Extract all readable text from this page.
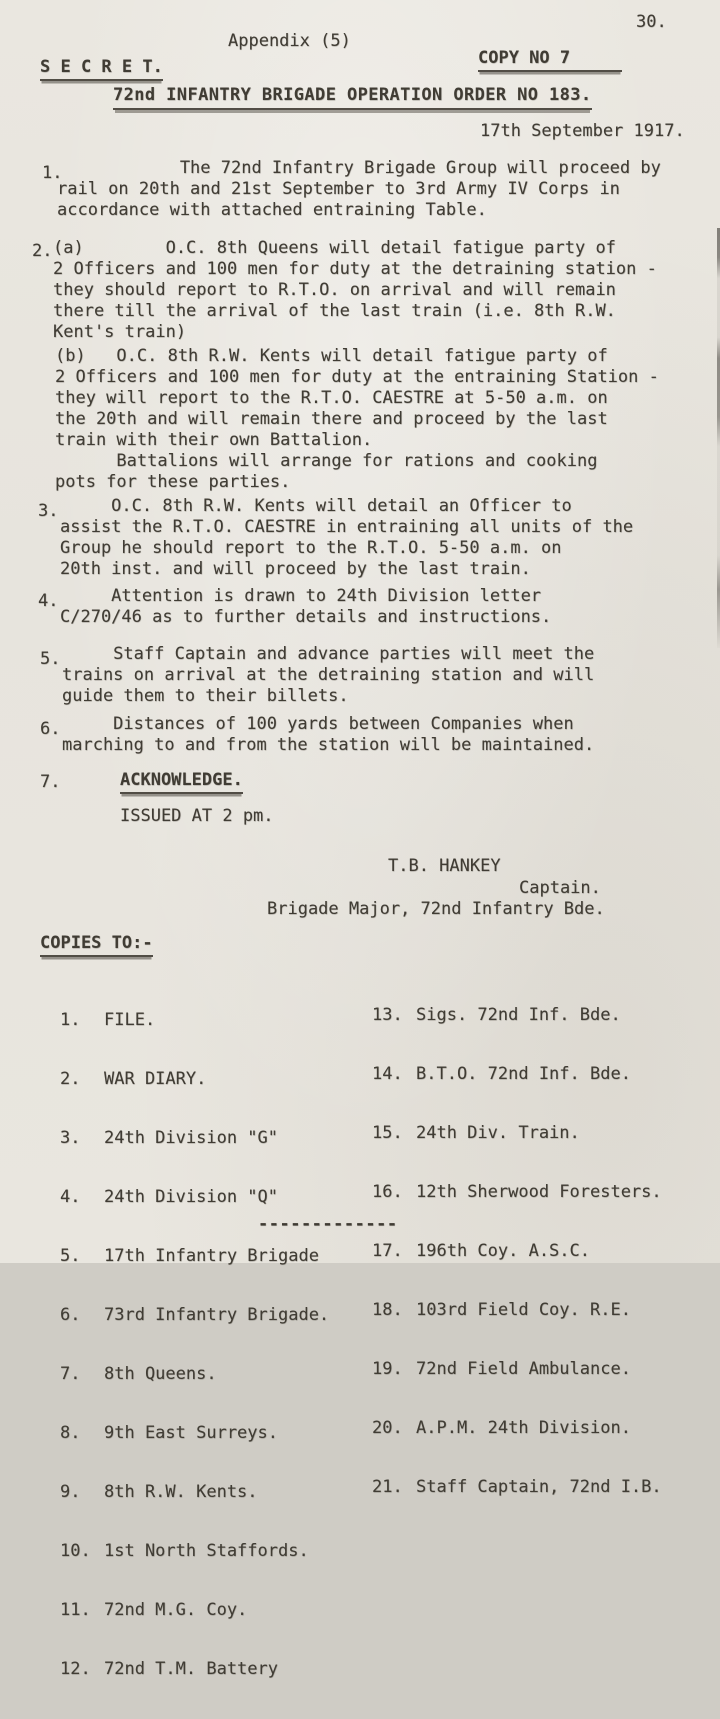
30.
Appendix (5)
COPY NO 7
S E C R E T.
72nd INFANTRY BRIGADE OPERATION ORDER NO 183.
17th September 1917.
1.
The 72nd Infantry Brigade Group will proceed by
rail on 20th and 21st September to 3rd Army IV Corps in
accordance with attached entraining Table.
2. (a)        O.C. 8th Queens will detail fatigue party of
2 Officers and 100 men for duty at the detraining station -
they should report to R.T.O. on arrival and will remain
there till the arrival of the last train (i.e. 8th R.W.
Kent's train)
(b)   O.C. 8th R.W. Kents will detail fatigue party of
2 Officers and 100 men for duty at the entraining Station -
they will report to the R.T.O. CAESTRE at 5-50 a.m. on
the 20th and will remain there and proceed by the last
train with their own Battalion.
Battalions will arrange for rations and cooking
pots for these parties.
3. O.C. 8th R.W. Kents will detail an Officer to
assist the R.T.O. CAESTRE in entraining all units of the
Group he should report to the R.T.O. 5-50 a.m. on
20th inst. and will proceed by the last train.
4. Attention is drawn to 24th Division letter
C/270/46 as to further details and instructions.
5. Staff Captain and advance parties will meet the
trains on arrival at the detraining station and will
guide them to their billets.
6. Distances of 100 yards between Companies when
marching to and from the station will be maintained.
7.	ACKNOWLEDGE.
ISSUED AT 2 pm.
T.B. HANKEY
Captain.
Brigade Major, 72nd Infantry Bde.
COPIES TO:-

1. FILE.

2. WAR DIARY.

3. 24th Division "G"

4. 24th Division "Q"

5. 17th Infantry Brigade

6. 73rd Infantry Brigade.

7. 8th Queens.

8. 9th East Surreys.

9. 8th R.W. Kents.

10. 1st North Staffords.

11. 72nd M.G. Coy.

12. 72nd T.M. Battery

13. Sigs. 72nd Inf. Bde.

14. B.T.O. 72nd Inf. Bde.

15. 24th Div. Train.

16. 12th Sherwood Foresters.

17. 196th Coy. A.S.C.

18. 103rd Field Coy. R.E.

19. 72nd Field Ambulance.

20. A.P.M. 24th Division.

21. Staff Captain, 72nd I.B.

-------------
